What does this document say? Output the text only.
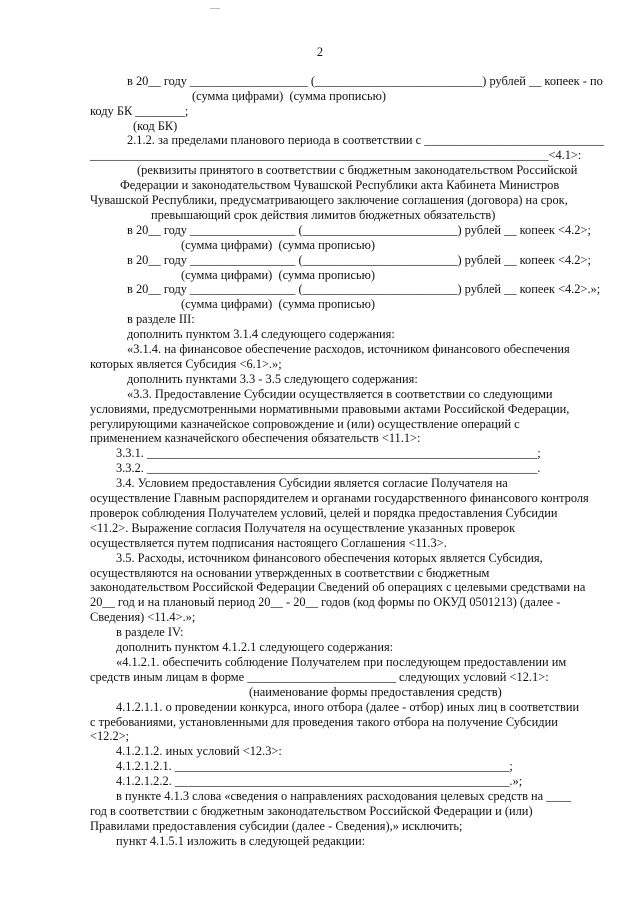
2
в 20__ году ___________________ (___________________________) рублей __ копеек - по
(сумма цифрами)  (сумма прописью)
коду БК ________;
(код БК)
2.1.2. за пределами планового периода в соответствии с _____________________________
__________________________________________________________________________<4.1>:
(реквизиты принятого в соответствии с бюджетным законодательством Российской
Федерации и законодательством Чувашской Республики акта Кабинета Министров
Чувашской Республики, предусматривающего заключение соглашения (договора) на срок,
превышающий срок действия лимитов бюджетных обязательств)
в 20__ году _________________ (_________________________) рублей __ копеек <4.2>;
(сумма цифрами)  (сумма прописью)
в 20__ году _________________ (_________________________) рублей __ копеек <4.2>;
(сумма цифрами)  (сумма прописью)
в 20__ году _________________ (_________________________) рублей __ копеек <4.2>.»;
(сумма цифрами)  (сумма прописью)
в разделе III:
дополнить пунктом 3.1.4 следующего содержания:
«3.1.4. на финансовое обеспечение расходов, источником финансового обеспечения
которых является Субсидия <6.1>.»;
дополнить пунктами 3.3 - 3.5 следующего содержания:
«3.3. Предоставление Субсидии осуществляется в соответствии со следующими
условиями, предусмотренными нормативными правовыми актами Российской Федерации,
регулирующими казначейское сопровождение и (или) осуществление операций с
применением казначейского обеспечения обязательств <11.1>:
3.3.1. _______________________________________________________________;
3.3.2. _______________________________________________________________.
3.4. Условием предоставления Субсидии является согласие Получателя на
осуществление Главным распорядителем и органами государственного финансового контроля
проверок соблюдения Получателем условий, целей и порядка предоставления Субсидии
<11.2>. Выражение согласия Получателя на осуществление указанных проверок
осуществляется путем подписания настоящего Соглашения <11.3>.
3.5. Расходы, источником финансового обеспечения которых является Субсидия,
осуществляются на основании утвержденных в соответствии с бюджетным
законодательством Российской Федерации Сведений об операциях с целевыми средствами на
20__ год и на плановый период 20__ - 20__ годов (код формы по ОКУД 0501213) (далее -
Сведения) <11.4>.»;
в разделе IV:
дополнить пунктом 4.1.2.1 следующего содержания:
«4.1.2.1. обеспечить соблюдение Получателем при последующем предоставлении им
средств иным лицам в форме ________________________ следующих условий <12.1>:
(наименование формы предоставления средств)
4.1.2.1.1. о проведении конкурса, иного отбора (далее - отбор) иных лиц в соответствии
с требованиями, установленными для проведения такого отбора на получение Субсидии
<12.2>;
4.1.2.1.2. иных условий <12.3>:
4.1.2.1.2.1. ______________________________________________________;
4.1.2.1.2.2. ______________________________________________________.»;
в пункте 4.1.3 слова «сведения о направлениях расходования целевых средств на ____
год в соответствии с бюджетным законодательством Российской Федерации и (или)
Правилами предоставления субсидии (далее - Сведения),» исключить;
пункт 4.1.5.1 изложить в следующей редакции:
